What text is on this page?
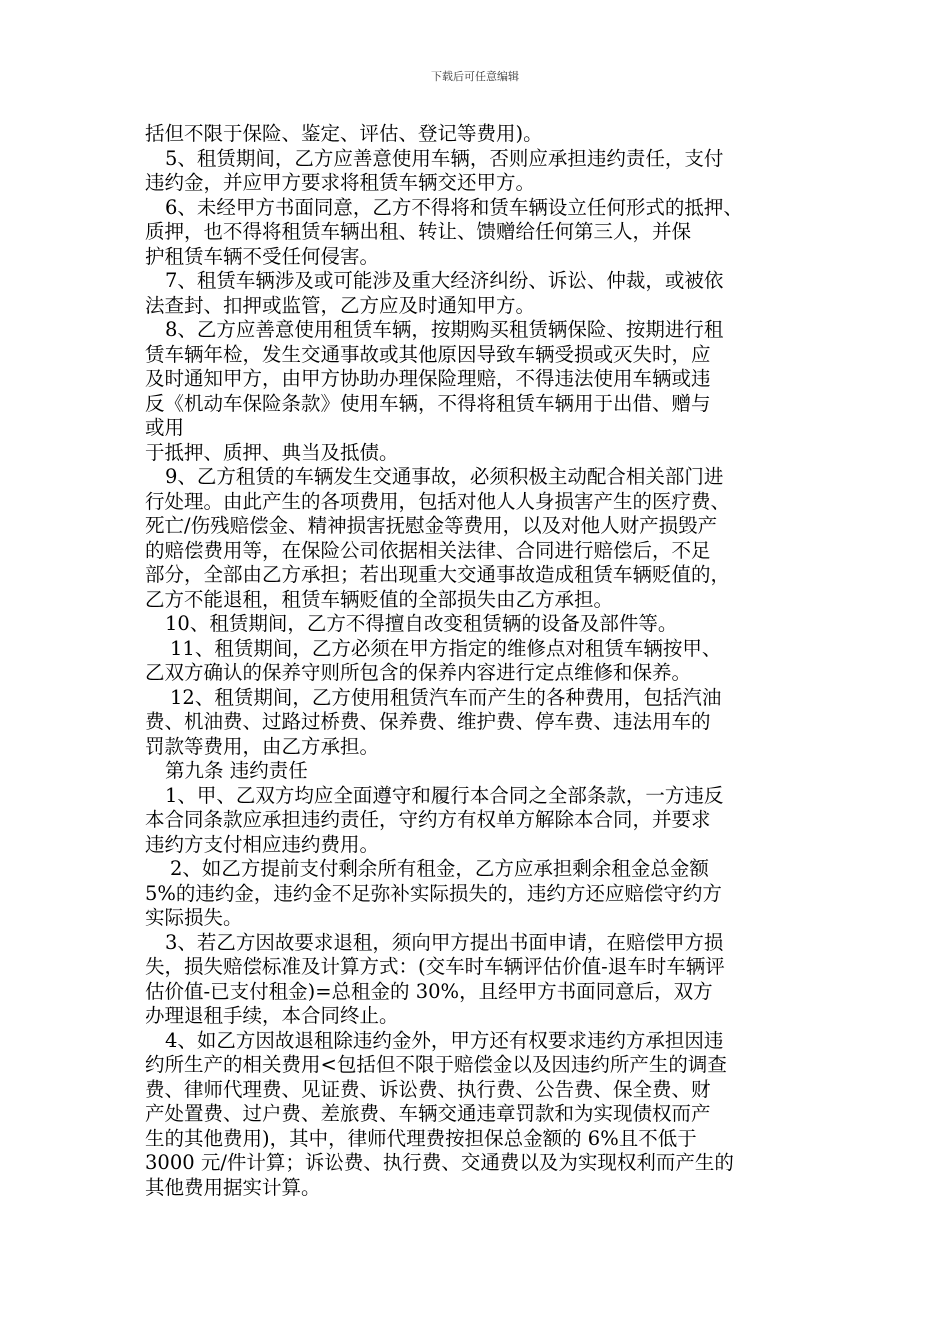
下载后可任意编辑
括但不限于保险、鉴定、评估、登记等费用)。
5、租赁期间，乙方应善意使用车辆，否则应承担违约责任，支付
违约金，并应甲方要求将租赁车辆交还甲方。
6、未经甲方书面同意，乙方不得将和赁车辆设立任何形式的抵押、
质押，也不得将租赁车辆出租、转让、馈赠给任何第三人，并保
护租赁车辆不受任何侵害。
7、租赁车辆涉及或可能涉及重大经济纠纷、诉讼、仲裁，或被依
法查封、扣押或监管，乙方应及时通知甲方。
8、乙方应善意使用租赁车辆，按期购买租赁辆保险、按期进行租
赁车辆年检，发生交通事故或其他原因导致车辆受损或灭失时，应
及时通知甲方，由甲方协助办理保险理赔，不得违法使用车辆或违
反《机动车保险条款》使用车辆，不得将租赁车辆用于出借、赠与
或用
于抵押、质押、典当及抵债。
9、乙方租赁的车辆发生交通事故，必须积极主动配合相关部门进
行处理。由此产生的各项费用，包括对他人人身损害产生的医疗费、
死亡/伤残赔偿金、精神损害抚慰金等费用，以及对他人财产损毁产
的赔偿费用等，在保险公司依据相关法律、合同进行赔偿后，不足
部分，全部由乙方承担；若出现重大交通事故造成租赁车辆贬值的，
乙方不能退租，租赁车辆贬值的全部损失由乙方承担。
10、租赁期间，乙方不得擅自改变租赁辆的设备及部件等。
11、租赁期间，乙方必须在甲方指定的维修点对租赁车辆按甲、
乙双方确认的保养守则所包含的保养内容进行定点维修和保养。
12、租赁期间，乙方使用租赁汽车而产生的各种费用，包括汽油
费、机油费、过路过桥费、保养费、维护费、停车费、违法用车的
罚款等费用，由乙方承担。
第九条 违约责任
1、甲、乙双方均应全面遵守和履行本合同之全部条款，一方违反
本合同条款应承担违约责任，守约方有权单方解除本合同，并要求
违约方支付相应违约费用。
2、如乙方提前支付剩余所有租金，乙方应承担剩余租金总金额
5%的违约金，违约金不足弥补实际损失的，违约方还应赔偿守约方
实际损失。
3、若乙方因故要求退租，须向甲方提出书面申请，在赔偿甲方损
失，损失赔偿标准及计算方式：(交车时车辆评估价值-退车时车辆评
估价值-已支付租金)=总租金的 30%，且经甲方书面同意后，双方
办理退租手续，本合同终止。
4、如乙方因故退租除违约金外，甲方还有权要求违约方承担因违
约所生产的相关费用<包括但不限于赔偿金以及因违约所产生的调查
费、律师代理费、见证费、诉讼费、执行费、公告费、保全费、财
产处置费、过户费、差旅费、车辆交通违章罚款和为实现债权而产
生的其他费用)，其中，律师代理费按担保总金额的 6%且不低于
3000 元/件计算；诉讼费、执行费、交通费以及为实现权利而产生的
其他费用据实计算。
